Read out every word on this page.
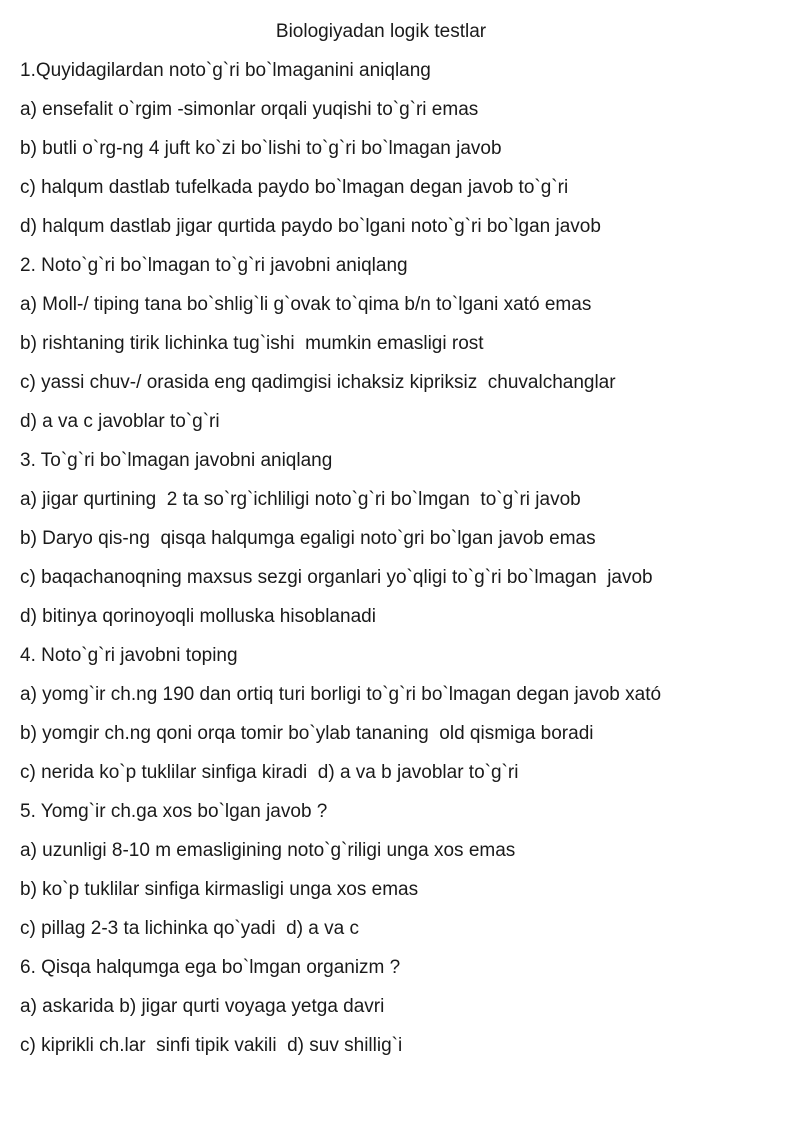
Biologiyadan logik testlar
1.Quyidagilardan noto`g`ri bo`lmaganini aniqlang
a) ensefalit o`rgim -simonlar orqali yuqishi to`g`ri emas
b) butli o`rg-ng 4 juft ko`zi bo`lishi to`g`ri bo`lmagan javob
c) halqum dastlab tufelkada paydo bo`lmagan degan javob to`g`ri
d) halqum dastlab jigar qurtida paydo bo`lgani noto`g`ri bo`lgan javob
2. Noto`g`ri bo`lmagan to`g`ri javobni aniqlang
a) Moll-/ tiping tana bo`shlig`li g`ovak to`qima b/n to`lgani xató emas
b) rishtaning tirik lichinka tug`ishi  mumkin emasligi rost
c) yassi chuv-/ orasida eng qadimgisi ichaksiz kipriksiz  chuvalchanglar
d) a va c javoblar to`g`ri
3. To`g`ri bo`lmagan javobni aniqlang
a) jigar qurtining  2 ta so`rg`ichliligi noto`g`ri bo`lmgan  to`g`ri javob
b) Daryo qis-ng  qisqa halqumga egaligi noto`gri bo`lgan javob emas
c) baqachanoqning maxsus sezgi organlari yo`qligi to`g`ri bo`lmagan  javob
d) bitinya qorinoyoqli molluska hisoblanadi
4. Noto`g`ri javobni toping
a) yomg`ir ch.ng 190 dan ortiq turi borligi to`g`ri bo`lmagan degan javob xató
b) yomgir ch.ng qoni orqa tomir bo`ylab tananing  old qismiga boradi
c) nerida ko`p tuklilar sinfiga kiradi  d) a va b javoblar to`g`ri
5. Yomg`ir ch.ga xos bo`lgan javob ?
a) uzunligi 8-10 m emasligining noto`g`riligi unga xos emas
b) ko`p tuklilar sinfiga kirmasligi unga xos emas
c) pillag 2-3 ta lichinka qo`yadi  d) a va c
6. Qisqa halqumga ega bo`lmgan organizm ?
a) askarida b) jigar qurti voyaga yetga davri
c) kiprikli ch.lar  sinfi tipik vakili  d) suv shillig`i
